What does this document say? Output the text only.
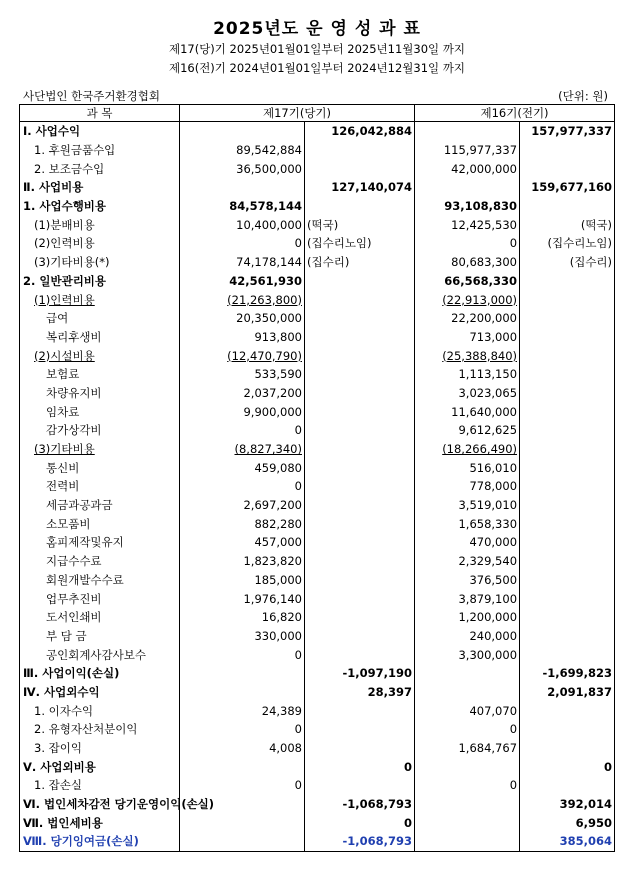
2025년도 운 영 성 과 표
제17(당)기 2025년01월01일부터 2025년11월30일 까지
제16(전)기 2024년01월01일부터 2024년12월31일 까지
사단법인 한국주거환경협회	(단위: 원)
과 목	제17기(당기)		제16기(전기)	
Ⅰ. 사업수익		126,042,884		157,977,337
1. 후원금품수입	89,542,884		115,977,337	
2. 보조금수입	36,500,000		42,000,000	
Ⅱ. 사업비용		127,140,074		159,677,160
1. 사업수행비용	84,578,144		93,108,830	
(1)분배비용	10,400,000	(떡국)	12,425,530	(떡국)
(2)인력비용	0	(집수리노임)	0	(집수리노임)
(3)기타비용(*)	74,178,144	(집수리)	80,683,300	(집수리)
2. 일반관리비용	42,561,930		66,568,330	
(1)인력비용	(21,263,800)		(22,913,000)	
급여	20,350,000		22,200,000	
복리후생비	913,800		713,000	
(2)시설비용	(12,470,790)		(25,388,840)	
보험료	533,590		1,113,150	
차량유지비	2,037,200		3,023,065	
임차료	9,900,000		11,640,000	
감가상각비	0		9,612,625	
(3)기타비용	(8,827,340)		(18,266,490)	
통신비	459,080		516,010	
전력비	0		778,000	
세금과공과금	2,697,200		3,519,010	
소모품비	882,280		1,658,330	
홈피제작및유지	457,000		470,000	
지급수수료	1,823,820		2,329,540	
회원개발수수료	185,000		376,500	
업무추진비	1,976,140		3,879,100	
도서인쇄비	16,820		1,200,000	
부 담 금	330,000		240,000	
공인회계사감사보수	0		3,300,000	
Ⅲ. 사업이익(손실)		-1,097,190		-1,699,823
Ⅳ. 사업외수익		28,397		2,091,837
1. 이자수익	24,389		407,070	
2. 유형자산처분이익	0		0	
3. 잡이익	4,008		1,684,767	
Ⅴ. 사업외비용		0		0
1. 잡손실	0		0	
Ⅵ. 법인세차감전 당기운영이익(손실)		-1,068,793		392,014
Ⅶ. 법인세비용		0		6,950
Ⅷ. 당기잉여금(손실)		-1,068,793		385,064
